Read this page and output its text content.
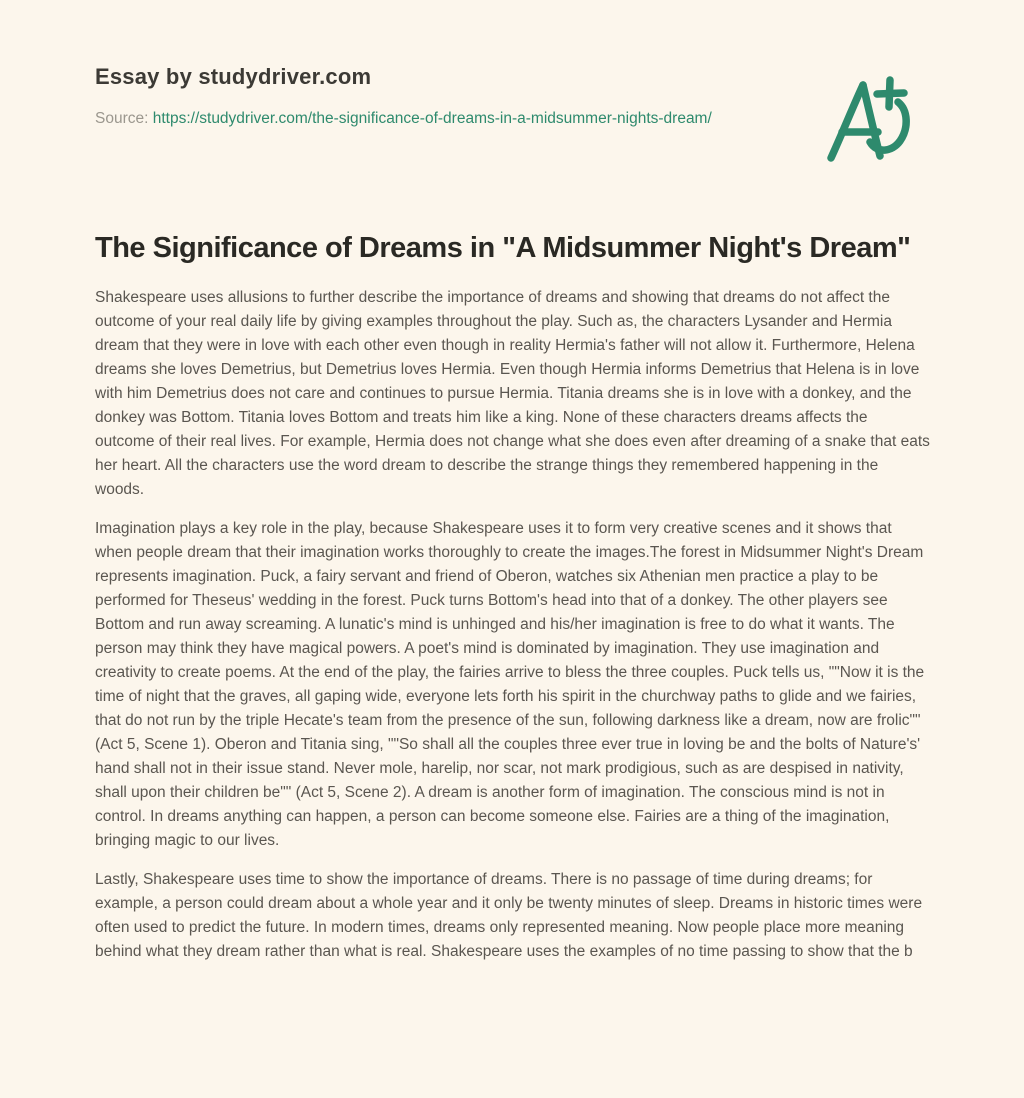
Essay by studydriver.com
Source: https://studydriver.com/the-significance-of-dreams-in-a-midsummer-nights-dream/
The Significance of Dreams in "A Midsummer Night's Dream"

Shakespeare uses allusions to further describe the importance of dreams and showing that dreams do not affect the outcome of your real daily life by giving examples throughout the play. Such as, the characters Lysander and Hermia dream that they were in love with each other even though in reality Hermia's father will not allow it. Furthermore, Helena dreams she loves Demetrius, but Demetrius loves Hermia. Even though Hermia informs Demetrius that Helena is in love with him Demetrius does not care and continues to pursue Hermia. Titania dreams she is in love with a donkey, and the donkey was Bottom. Titania loves Bottom and treats him like a king. None of these characters dreams affects the outcome of their real lives. For example, Hermia does not change what she does even after dreaming of a snake that eats her heart. All the characters use the word dream to describe the strange things they remembered happening in the woods.

Imagination plays a key role in the play, because Shakespeare uses it to form very creative scenes and it shows that when people dream that their imagination works thoroughly to create the images.The forest in Midsummer Night's Dream represents imagination. Puck, a fairy servant and friend of Oberon, watches six Athenian men practice a play to be performed for Theseus' wedding in the forest. Puck turns Bottom's head into that of a donkey. The other players see Bottom and run away screaming. A lunatic's mind is unhinged and his/her imagination is free to do what it wants. The person may think they have magical powers. A poet's mind is dominated by imagination. They use imagination and creativity to create poems. At the end of the play, the fairies arrive to bless the three couples. Puck tells us, ""Now it is the time of night that the graves, all gaping wide, everyone lets forth his spirit in the churchway paths to glide and we fairies, that do not run by the triple Hecate's team from the presence of the sun, following darkness like a dream, now are frolic"" (Act 5, Scene 1). Oberon and Titania sing, ""So shall all the couples three ever true in loving be and the bolts of Nature's' hand shall not in their issue stand. Never mole, harelip, nor scar, not mark prodigious, such as are despised in nativity, shall upon their children be"" (Act 5, Scene 2). A dream is another form of imagination. The conscious mind is not in control. In dreams anything can happen, a person can become someone else. Fairies are a thing of the imagination, bringing magic to our lives.

Lastly, Shakespeare uses time to show the importance of dreams. There is no passage of time during dreams; for example, a person could dream about a whole year and it only be twenty minutes of sleep. Dreams in historic times were often used to predict the future. In modern times, dreams only represented meaning. Now people place more meaning behind what they dream rather than what is real. Shakespeare uses the examples of no time passing to show that the b
